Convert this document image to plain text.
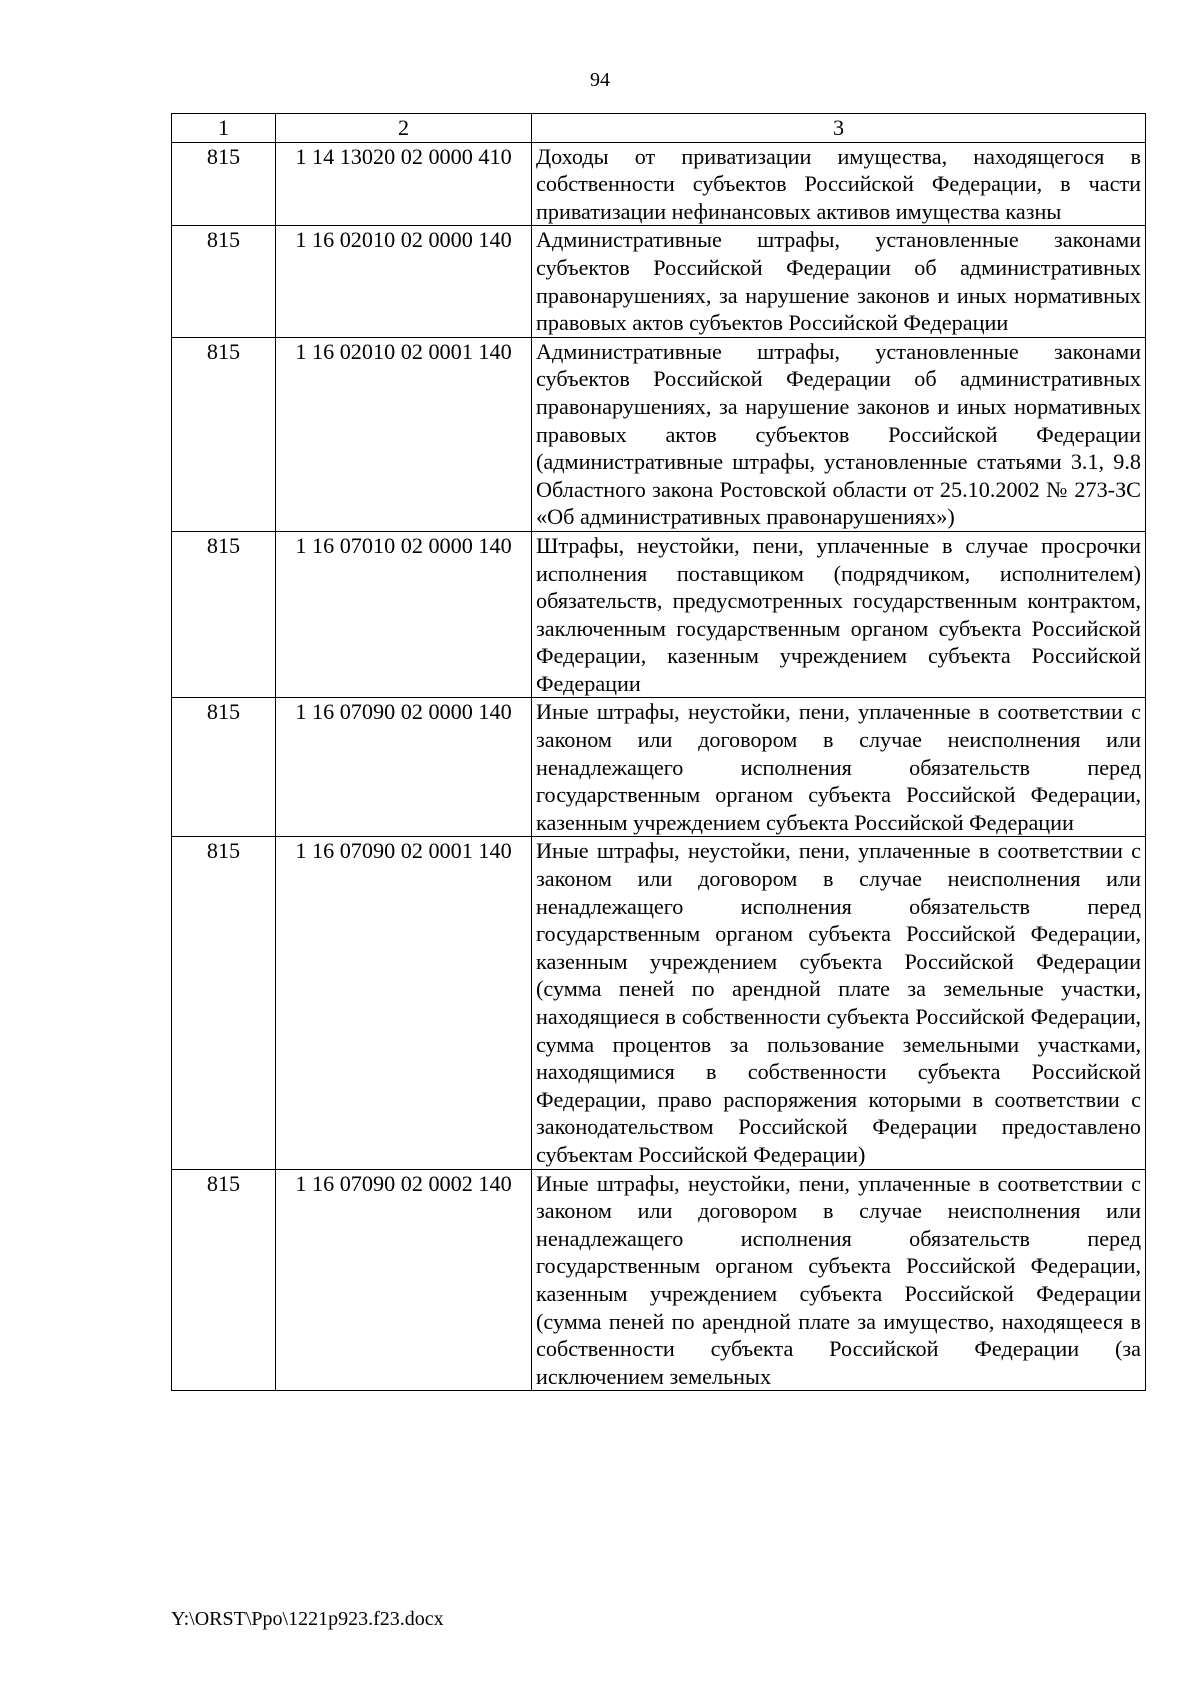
94
1	2	3
815	1 14 13020 02 0000 410	Доходы от приватизации имущества, находящегося в собственности субъектов Российской Федерации, в части приватизации нефинансовых активов имущества казны
815	1 16 02010 02 0000 140	Административные штрафы, установленные законами субъектов Российской Федерации об административных правонарушениях, за нарушение законов и иных нормативных правовых актов субъектов Российской Федерации
815	1 16 02010 02 0001 140	Административные штрафы, установленные законами субъектов Российской Федерации об административных правонарушениях, за нарушение законов и иных нормативных правовых актов субъектов Российской Федерации (административные штрафы, установленные статьями 3.1, 9.8 Областного закона Ростовской области от 25.10.2002 № 273-ЗС «Об административных правонарушениях»)
815	1 16 07010 02 0000 140	Штрафы, неустойки, пени, уплаченные в случае просрочки исполнения поставщиком (подрядчиком, исполнителем) обязательств, предусмотренных государственным контрактом, заключенным государственным органом субъекта Российской Федерации, казенным учреждением субъекта Российской Федерации
815	1 16 07090 02 0000 140	Иные штрафы, неустойки, пени, уплаченные в соответствии с законом или договором в случае неисполнения или ненадлежащего исполнения обязательств перед государственным органом субъекта Российской Федерации, казенным учреждением субъекта Российской Федерации
815	1 16 07090 02 0001 140	Иные штрафы, неустойки, пени, уплаченные в соответствии с законом или договором в случае неисполнения или ненадлежащего исполнения обязательств перед государственным органом субъекта Российской Федерации, казенным учреждением субъекта Российской Федерации (сумма пеней по арендной плате за земельные участки, находящиеся в собственности субъекта Российской Федерации, сумма процентов за пользование земельными участками, находящимися в собственности субъекта Российской Федерации, право распоряжения которыми в соответствии с законодательством Российской Федерации предоставлено субъектам Российской Федерации)
815	1 16 07090 02 0002 140	Иные штрафы, неустойки, пени, уплаченные в соответствии с законом или договором в случае неисполнения или ненадлежащего исполнения обязательств перед государственным органом субъекта Российской Федерации, казенным учреждением субъекта Российской Федерации (сумма пеней по арендной плате за имущество, находящееся в собственности субъекта Российской Федерации (за исключением земельных
Y:\ORST\Ppo\1221p923.f23.docx
